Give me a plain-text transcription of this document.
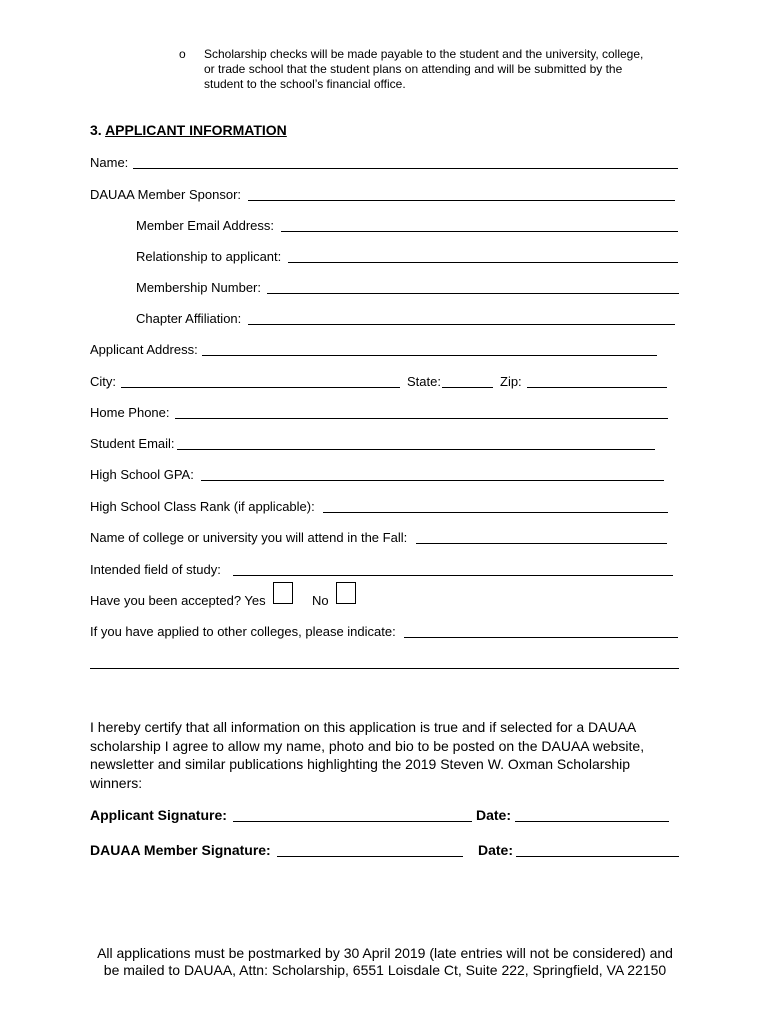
o Scholarship checks will be made payable to the student and the university, college,
or trade school that the student plans on attending and will be submitted by the
student to the school’s financial office.
3. APPLICANT INFORMATION
Name:
DAUAA Member Sponsor:
Member Email Address:
Relationship to applicant:
Membership Number:
Chapter Affiliation:
Applicant Address:
City:	State:	Zip:
Home Phone:
Student Email:
High School GPA:
High School Class Rank (if applicable):
Name of college or university you will attend in the Fall:
Intended field of study:
Have you been accepted? Yes	No
If you have applied to other colleges, please indicate:
I hereby certify that all information on this application is true and if selected for a DAUAA
scholarship I agree to allow my name, photo and bio to be posted on the DAUAA website,
newsletter and similar publications highlighting the 2019 Steven W. Oxman Scholarship
winners:
Applicant Signature:	Date:
DAUAA Member Signature:	Date:
All applications must be postmarked by 30 April 2019 (late entries will not be considered) and
be mailed to DAUAA, Attn: Scholarship, 6551 Loisdale Ct, Suite 222, Springfield, VA 22150
